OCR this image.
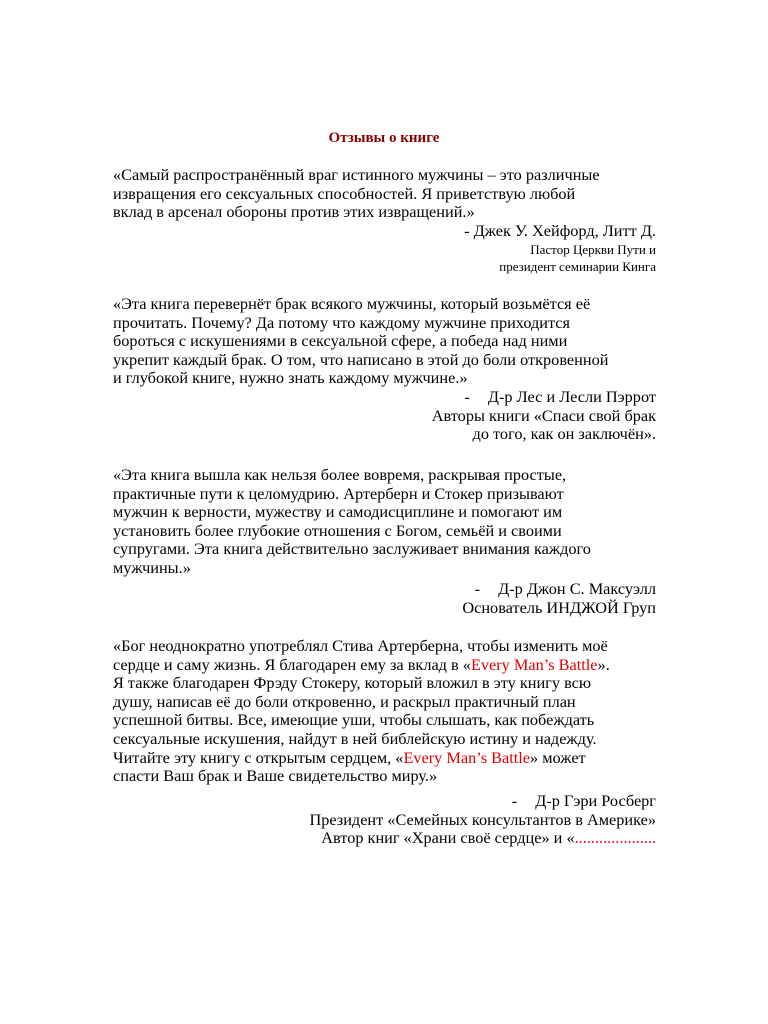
Отзывы о книге
«Самый распространённый враг истинного мужчины – это различные
извращения его сексуальных способностей. Я приветствую любой
вклад в арсенал обороны против этих извращений.»
- Джек У. Хейфорд, Литт Д.
Пастор Церкви Пути и
президент семинарии Кинга
«Эта книга перевернёт брак всякого мужчины, который возьмётся её
прочитать. Почему? Да потому что каждому мужчине приходится
бороться с искушениями в сексуальной сфере, а победа над ними
укрепит каждый брак. О том, что написано в этой до боли откровенной
и глубокой книге, нужно знать каждому мужчине.»
- Д-р Лес и Лесли Пэррот
Авторы книги «Спаси свой брак
до того, как он заключён».
«Эта книга вышла как нельзя более вовремя, раскрывая простые,
практичные пути к целомудрию. Артерберн и Стокер призывают
мужчин к верности, мужеству и самодисциплине и помогают им
установить более глубокие отношения с Богом, семьёй и своими
супругами. Эта книга действительно заслуживает внимания каждого
мужчины.»
- Д-р Джон С. Максуэлл
Основатель ИНДЖОЙ Груп
«Бог неоднократно употреблял Стива Артерберна, чтобы изменить моё
сердце и саму жизнь. Я благодарен ему за вклад в «Every Man’s Battle».
Я также благодарен Фрэду Стокеру, который вложил в эту книгу всю
душу, написав её до боли откровенно, и раскрыл практичный план
успешной битвы. Все, имеющие уши, чтобы слышать, как побеждать
сексуальные искушения, найдут в ней библейскую истину и надежду.
Читайте эту книгу с открытым сердцем, «Every Man’s Battle» может
спасти Ваш брак и Ваше свидетельство миру.»
- Д-р Гэри Росберг
Президент «Семейных консультантов в Америке»
Автор книг «Храни своё сердце» и «....................
